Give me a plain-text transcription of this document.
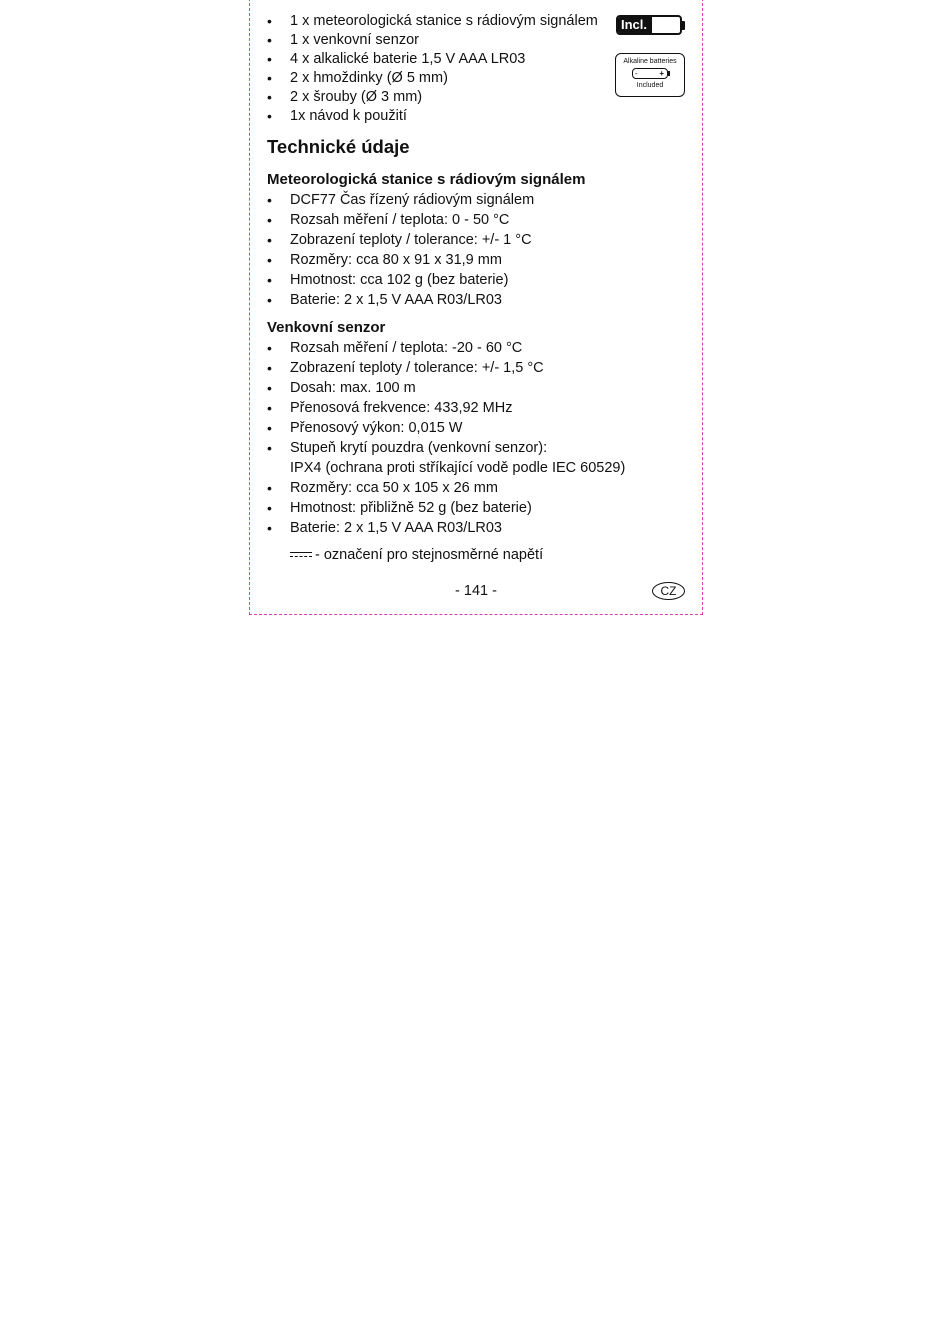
Incl.
Alkaline batteries
-	+
Included
• 1 x meteorologická stanice s rádiovým signálem
• 1 x venkovní senzor
• 4 x alkalické baterie 1,5 V AAA LR03
• 2 x hmoždinky (Ø 5 mm)
• 2 x šrouby (Ø 3 mm)
• 1x návod k použití
Technické údaje
Meteorologická stanice s rádiovým signálem
• DCF77 Čas řízený rádiovým signálem
• Rozsah měření / teplota: 0 - 50 °C
• Zobrazení teploty / tolerance: +/- 1 °C
• Rozměry: cca 80 x 91 x 31,9 mm
• Hmotnost: cca 102 g (bez baterie)
• Baterie: 2 x 1,5 V AAA R03/LR03
Venkovní senzor
• Rozsah měření / teplota: -20 - 60 °C
• Zobrazení teploty / tolerance: +/- 1,5 °C
• Dosah: max. 100 m
• Přenosová frekvence: 433,92 MHz
• Přenosový výkon: 0,015 W
• Stupeň krytí pouzdra (venkovní senzor):
IPX4 (ochrana proti stříkající vodě podle IEC 60529)
• Rozměry: cca 50 x 105 x 26 mm
• Hmotnost: přibližně 52 g (bez baterie)
• Baterie: 2 x 1,5 V AAA R03/LR03
- označení pro stejnosměrné napětí
- 141 -	CZ
